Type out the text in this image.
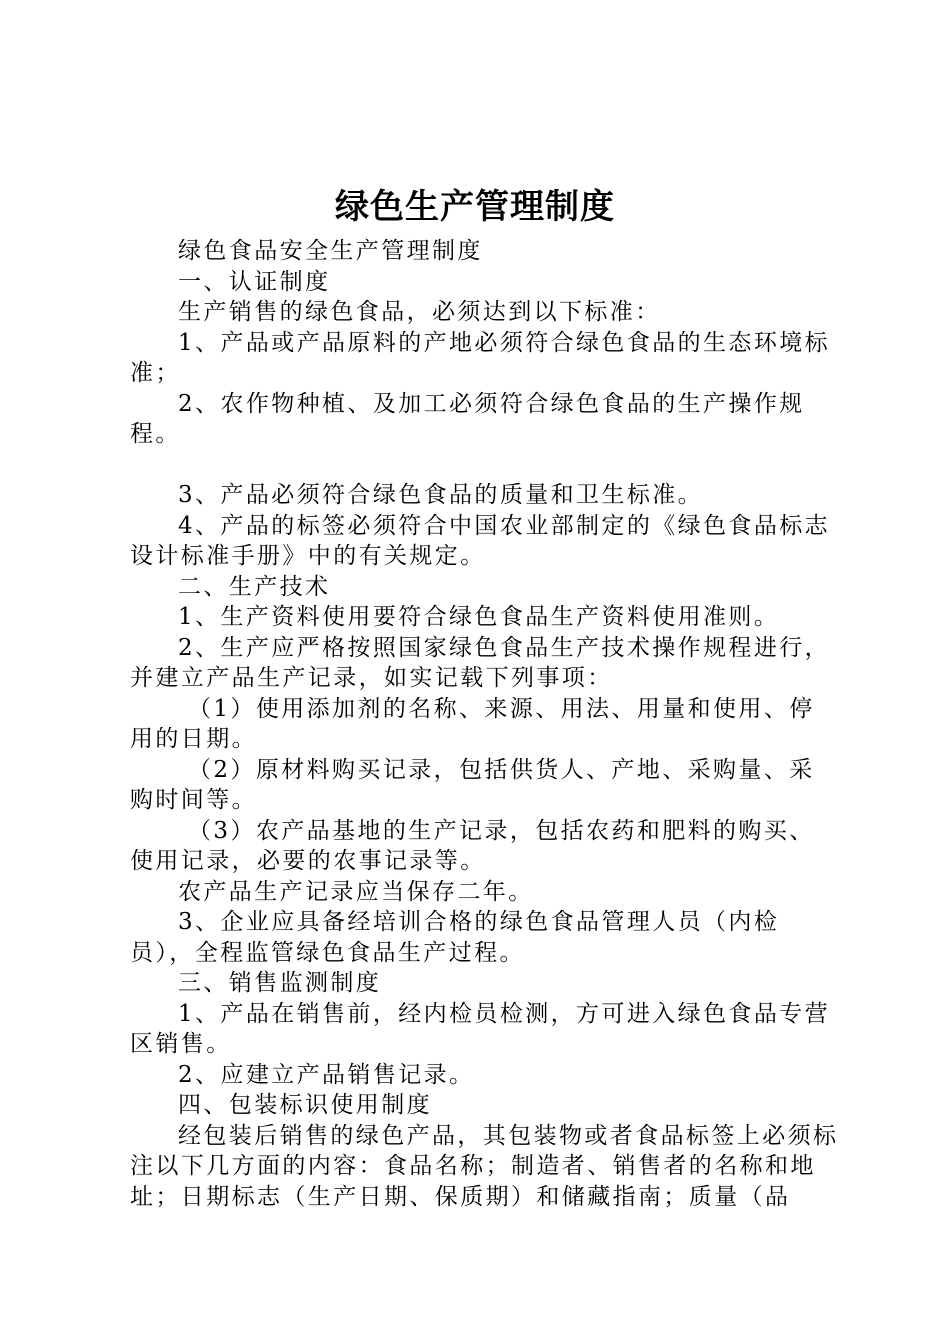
绿色生产管理制度

绿色食品安全生产管理制度

一、认证制度

生产销售的绿色食品，必须达到以下标准：

1、产品或产品原料的产地必须符合绿色食品的生态环境标准；

2、农作物种植、及加工必须符合绿色食品的生产操作规程。

3、产品必须符合绿色食品的质量和卫生标准。

4、产品的标签必须符合中国农业部制定的《绿色食品标志设计标准手册》中的有关规定。

二、生产技术

1、生产资料使用要符合绿色食品生产资料使用准则。

2、生产应严格按照国家绿色食品生产技术操作规程进行，并建立产品生产记录，如实记载下列事项：

（1）使用添加剂的名称、来源、用法、用量和使用、停用的日期。

（2）原材料购买记录，包括供货人、产地、采购量、采购时间等。

（3）农产品基地的生产记录，包括农药和肥料的购买、使用记录，必要的农事记录等。

农产品生产记录应当保存二年。

3、企业应具备经培训合格的绿色食品管理人员（内检员），全程监管绿色食品生产过程。

三、销售监测制度

1、产品在销售前，经内检员检测，方可进入绿色食品专营区销售。

2、应建立产品销售记录。

四、包装标识使用制度

经包装后销售的绿色产品，其包装物或者食品标签上必须标注以下几方面的内容：食品名称；制造者、销售者的名称和地址；日期标志（生产日期、保质期）和储藏指南；质量（品
